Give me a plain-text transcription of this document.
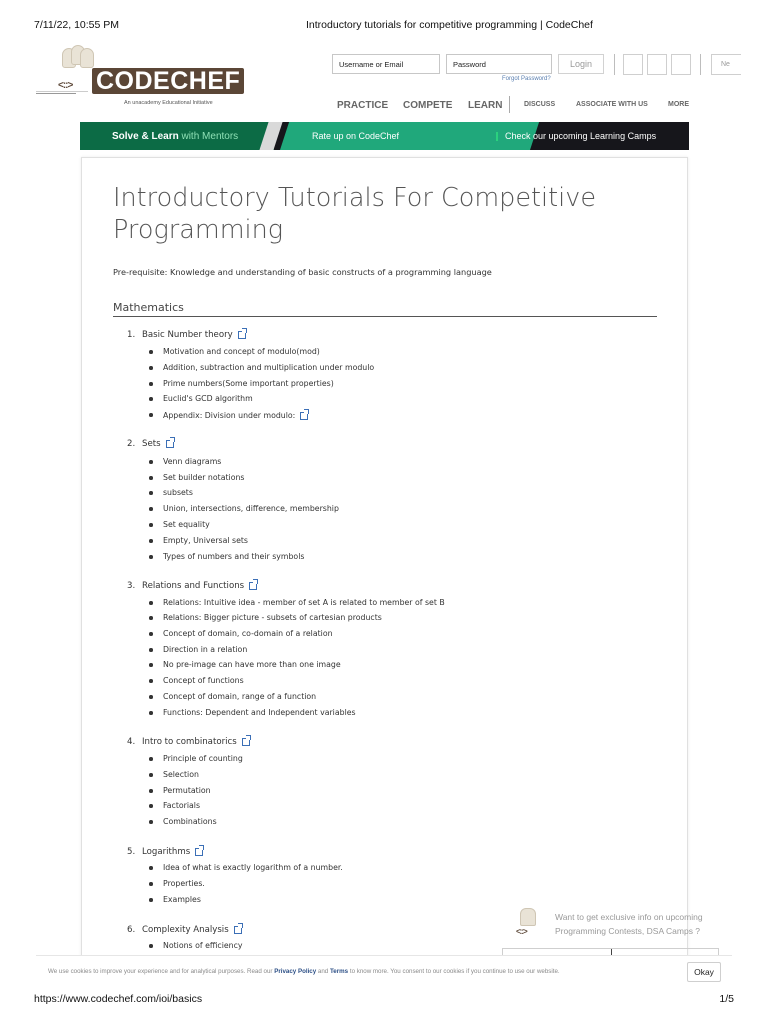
7/11/22, 10:55 PM	Introductory tutorials for competitive programming | CodeChef
<::> CODECHEF
An unacademy Educational Initiative
Username or Email	Password	Login
Forgot Password?
Ne
PRACTICE COMPETE LEARN	DISCUSS	ASSOCIATE WITH US	MORE
Solve & Learn with Mentors	Rate up on CodeChef	Check our upcoming Learning Camps
Introductory Tutorials For Competitive Programming
Pre-requisite: Knowledge and understanding of basic constructs of a programming language
Mathematics
1. Basic Number theory
Motivation and concept of modulo(mod)
Addition, subtraction and multiplication under modulo
Prime numbers(Some important properties)
Euclid's GCD algorithm
Appendix: Division under modulo:
2. Sets
Venn diagrams
Set builder notations
subsets
Union, intersections, difference, membership
Set equality
Empty, Universal sets
Types of numbers and their symbols
3. Relations and Functions
Relations: Intuitive idea - member of set A is related to member of set B
Relations: Bigger picture - subsets of cartesian products
Concept of domain, co-domain of a relation
Direction in a relation
No pre-image can have more than one image
Concept of functions
Concept of domain, range of a function
Functions: Dependent and Independent variables
4. Intro to combinatorics
Principle of counting
Selection
Permutation
Factorials
Combinations
5. Logarithms
Idea of what is exactly logarithm of a number.
Properties.
Examples
6. Complexity Analysis
Notions of efficiency
<::>
Want to get exclusive info on upcoming Programming Contests, DSA Camps ?
We use cookies to improve your experience and for analytical purposes. Read our Privacy Policy and Terms to know more. You consent to our cookies if you continue to use our website.	Okay
https://www.codechef.com/ioi/basics	1/5
